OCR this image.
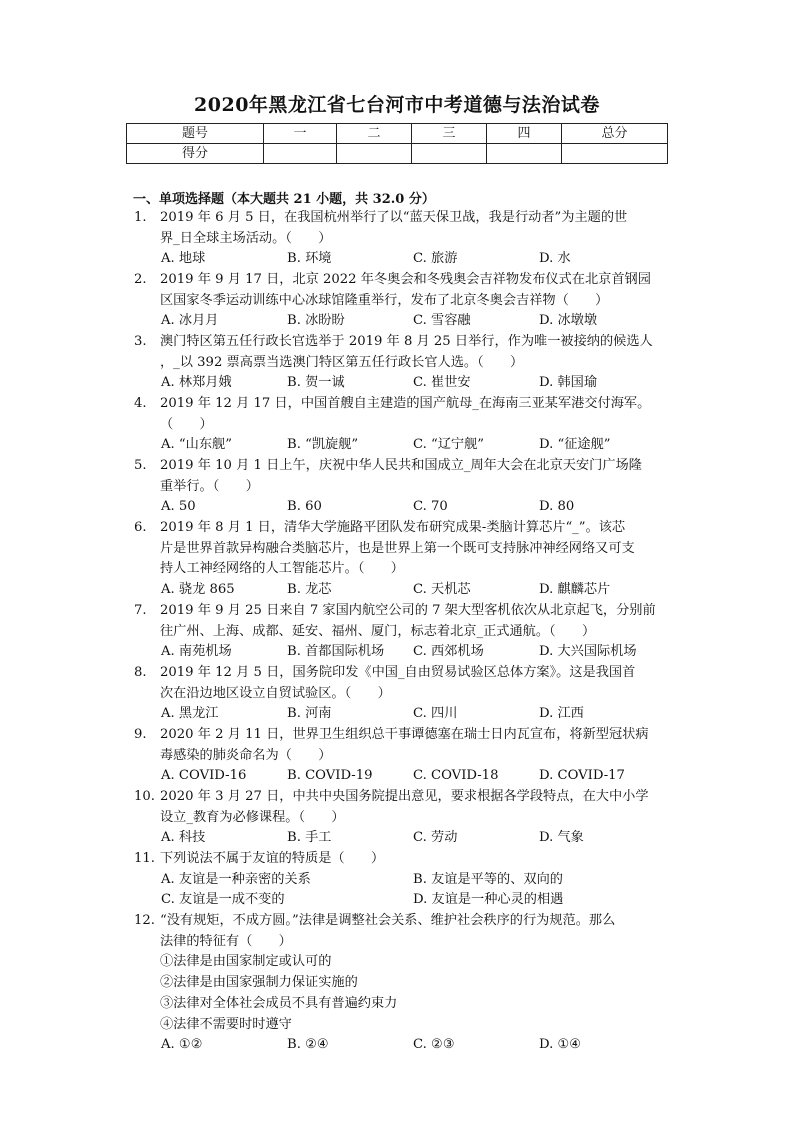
2020年黑龙江省七台河市中考道德与法治试卷
题号	一	二	三	四	总分
得分					
一、单项选择题（本大题共 21 小题，共 32.0 分）
1.	2019 年 6 月 5 日，在我国杭州举行了以“蓝天保卫战，我是行动者”为主题的世
界_日全球主场活动。（　　）
A. 地球	B. 环境	C. 旅游	D. 水
2.	2019 年 9 月 17 日，北京 2022 年冬奥会和冬残奥会吉祥物发布仪式在北京首钢园
区国家冬季运动训练中心冰球馆隆重举行，发布了北京冬奥会吉祥物（　　）
A. 冰月月	B. 冰盼盼	C. 雪容融	D. 冰墩墩
3.	澳门特区第五任行政长官选举于 2019 年 8 月 25 日举行，作为唯一被接纳的候选人
，_以 392 票高票当选澳门特区第五任行政长官人选。（　　）
A. 林郑月娥	B. 贺一诚	C. 崔世安	D. 韩国瑜
4.	2019 年 12 月 17 日，中国首艘自主建造的国产航母_在海南三亚某军港交付海军。
（　　）
A. “山东舰”	B. “凯旋舰”	C. “辽宁舰”	D. “征途舰”
5.	2019 年 10 月 1 日上午，庆祝中华人民共和国成立_周年大会在北京天安门广场隆
重举行。（　　）
A. 50	B. 60	C. 70	D. 80
6.	2019 年 8 月 1 日，清华大学施路平团队发布研究成果-类脑计算芯片“_”。该芯
片是世界首款异构融合类脑芯片，也是世界上第一个既可支持脉冲神经网络又可支
持人工神经网络的人工智能芯片。（　　）
A. 骁龙 865	B. 龙芯	C. 天机芯	D. 麒麟芯片
7.	2019 年 9 月 25 日来自 7 家国内航空公司的 7 架大型客机依次从北京起飞，分别前
往广州、上海、成都、延安、福州、厦门，标志着北京_正式通航。（　　）
A. 南苑机场	B. 首都国际机场 C. 西郊机场	D. 大兴国际机场
8.	2019 年 12 月 5 日，国务院印发《中国_自由贸易试验区总体方案》。这是我国首
次在沿边地区设立自贸试验区。（　　）
A. 黑龙江	B. 河南	C. 四川	D. 江西
9.	2020 年 2 月 11 日，世界卫生组织总干事谭德塞在瑞士日内瓦宣布，将新型冠状病
毒感染的肺炎命名为（　　）
A. COVID-16	B. COVID-19	C. COVID-18	D. COVID-17
10. 2020 年 3 月 27 日，中共中央国务院提出意见，要求根据各学段特点，在大中小学
设立_教育为必修课程。（　　）
A. 科技	B. 手工	C. 劳动	D. 气象
11. 下列说法不属于友谊的特质是（　　）
A. 友谊是一种亲密的关系	B. 友谊是平等的、双向的
C. 友谊是一成不变的	D. 友谊是一种心灵的相遇
12. “没有规矩，不成方圆。”法律是调整社会关系、维护社会秩序的行为规范。那么
法律的特征有（　　）
①法律是由国家制定或认可的
②法律是由国家强制力保证实施的
③法律对全体社会成员不具有普遍约束力
④法律不需要时时遵守
A. ①②	B. ②④	C. ②③	D. ①④
